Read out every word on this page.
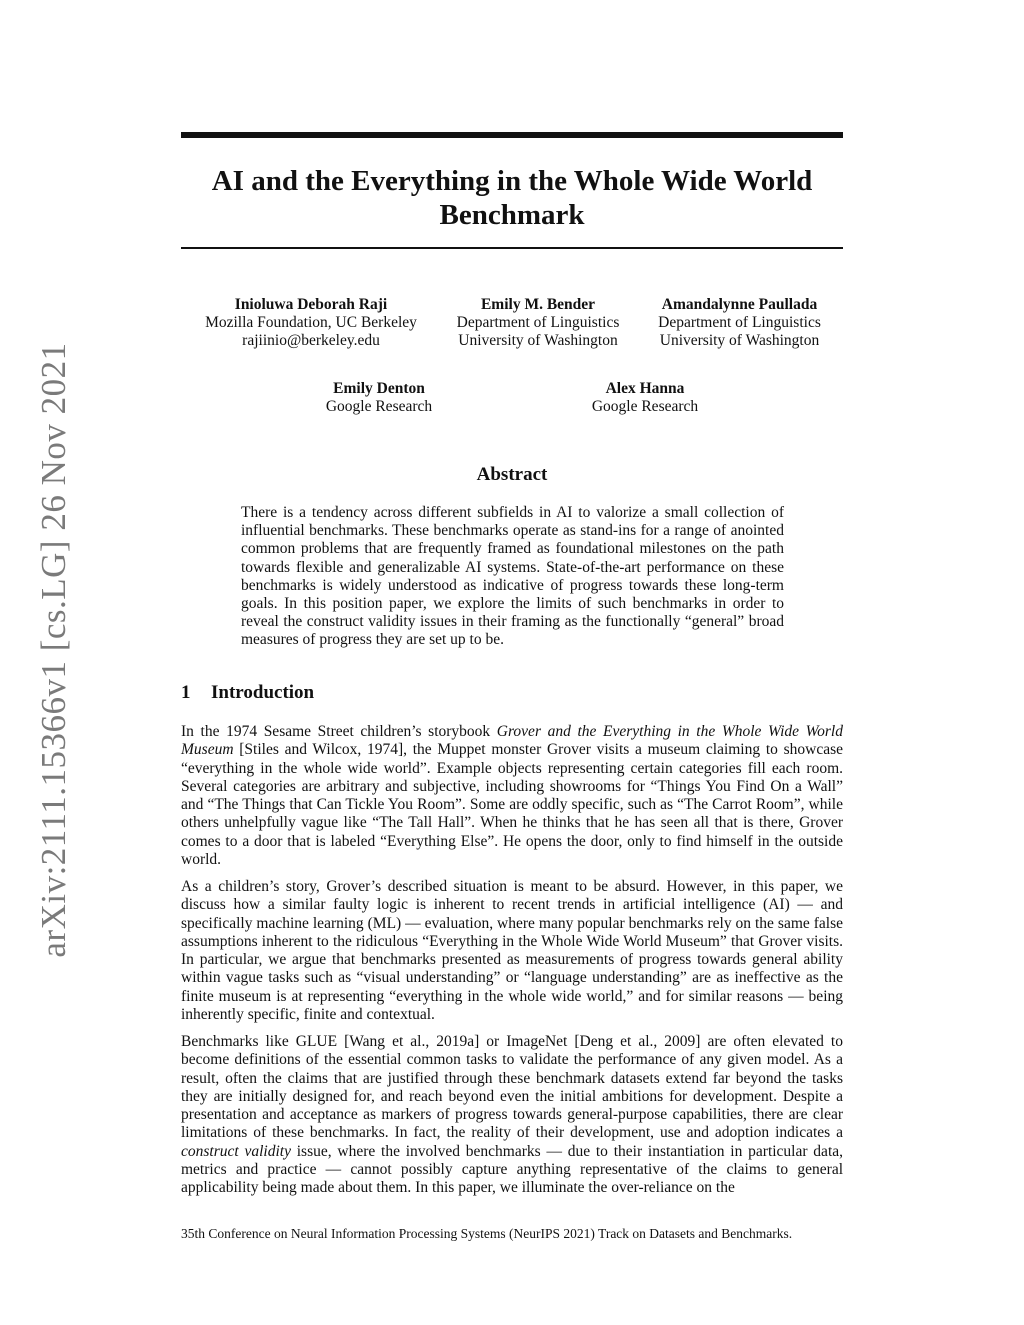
arXiv:2111.15366v1 [cs.LG] 26 Nov 2021
AI and the Everything in the Whole Wide World
Benchmark
Inioluwa Deborah Raji
Mozilla Foundation, UC Berkeley
rajiinio@berkeley.edu
Emily M. Bender
Department of Linguistics
University of Washington
Amandalynne Paullada
Department of Linguistics
University of Washington
Emily Denton
Google Research
Alex Hanna
Google Research
Abstract
There is a tendency across different subfields in AI to valorize a small collection of influential benchmarks. These benchmarks operate as stand-ins for a range of anointed common problems that are frequently framed as foundational milestones on the path towards flexible and generalizable AI systems. State-of-the-art performance on these benchmarks is widely understood as indicative of progress towards these long-term goals. In this position paper, we explore the limits of such benchmarks in order to reveal the construct validity issues in their framing as the functionally “general” broad measures of progress they are set up to be.
1 Introduction

In the 1974 Sesame Street children’s storybook Grover and the Everything in the Whole Wide World Museum [Stiles and Wilcox, 1974], the Muppet monster Grover visits a museum claiming to showcase “everything in the whole wide world”. Example objects representing certain categories fill each room. Several categories are arbitrary and subjective, including showrooms for “Things You Find On a Wall” and “The Things that Can Tickle You Room”. Some are oddly specific, such as “The Carrot Room”, while others unhelpfully vague like “The Tall Hall”. When he thinks that he has seen all that is there, Grover comes to a door that is labeled “Everything Else”. He opens the door, only to find himself in the outside world.

As a children’s story, Grover’s described situation is meant to be absurd. However, in this paper, we discuss how a similar faulty logic is inherent to recent trends in artificial intelligence (AI) — and specifically machine learning (ML) — evaluation, where many popular benchmarks rely on the same false assumptions inherent to the ridiculous “Everything in the Whole Wide World Museum” that Grover visits. In particular, we argue that benchmarks presented as measurements of progress towards general ability within vague tasks such as “visual understanding” or “language understanding” are as ineffective as the finite museum is at representing “everything in the whole wide world,” and for similar reasons — being inherently specific, finite and contextual.

Benchmarks like GLUE [Wang et al., 2019a] or ImageNet [Deng et al., 2009] are often elevated to become definitions of the essential common tasks to validate the performance of any given model. As a result, often the claims that are justified through these benchmark datasets extend far beyond the tasks they are initially designed for, and reach beyond even the initial ambitions for development. Despite a presentation and acceptance as markers of progress towards general-purpose capabilities, there are clear limitations of these benchmarks. In fact, the reality of their development, use and adoption indicates a construct validity issue, where the involved benchmarks — due to their instantiation in particular data, metrics and practice — cannot possibly capture anything representative of the claims to general applicability being made about them. In this paper, we illuminate the over-reliance on the

35th Conference on Neural Information Processing Systems (NeurIPS 2021) Track on Datasets and Benchmarks.
